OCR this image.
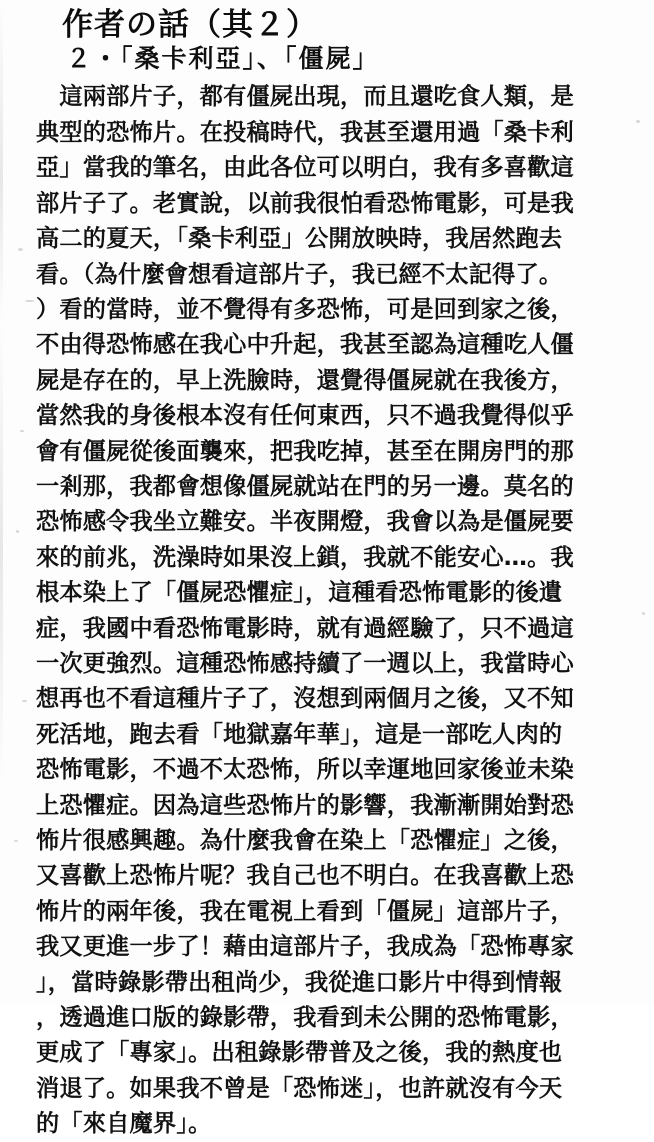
作者の話（其２）
２・「桑卡利亞」、「僵屍」
　這兩部片子，都有僵屍出現，而且還吃食人類，是
典型的恐怖片。在投稿時代，我甚至還用過「桑卡利
亞」當我的筆名，由此各位可以明白，我有多喜歡這
部片子了。老實說，以前我很怕看恐怖電影，可是我
高二的夏天，「桑卡利亞」公開放映時，我居然跑去
看。（為什麼會想看這部片子，我已經不太記得了。
）看的當時，並不覺得有多恐怖，可是回到家之後，
不由得恐怖感在我心中升起，我甚至認為這種吃人僵
屍是存在的，早上洗臉時，還覺得僵屍就在我後方，
當然我的身後根本沒有任何東西，只不過我覺得似乎
會有僵屍從後面襲來，把我吃掉，甚至在開房門的那
一剎那，我都會想像僵屍就站在門的另一邊。莫名的
恐怖感令我坐立難安。半夜開燈，我會以為是僵屍要
來的前兆，洗澡時如果沒上鎖，我就不能安心…。我
根本染上了「僵屍恐懼症」，這種看恐怖電影的後遺
症，我國中看恐怖電影時，就有過經驗了，只不過這
一次更強烈。這種恐怖感持續了一週以上，我當時心
想再也不看這種片子了，沒想到兩個月之後，又不知
死活地，跑去看「地獄嘉年華」，這是一部吃人肉的
恐怖電影，不過不太恐怖，所以幸運地回家後並未染
上恐懼症。因為這些恐怖片的影響，我漸漸開始對恐
怖片很感興趣。為什麼我會在染上「恐懼症」之後，
又喜歡上恐怖片呢？我自己也不明白。在我喜歡上恐
怖片的兩年後，我在電視上看到「僵屍」這部片子，
我又更進一步了！藉由這部片子，我成為「恐怖專家
」，當時錄影帶出租尚少，我從進口影片中得到情報
，透過進口版的錄影帶，我看到未公開的恐怖電影，
更成了「專家」。出租錄影帶普及之後，我的熱度也
消退了。如果我不曾是「恐怖迷」，也許就沒有今天
的「來自魔界」。
